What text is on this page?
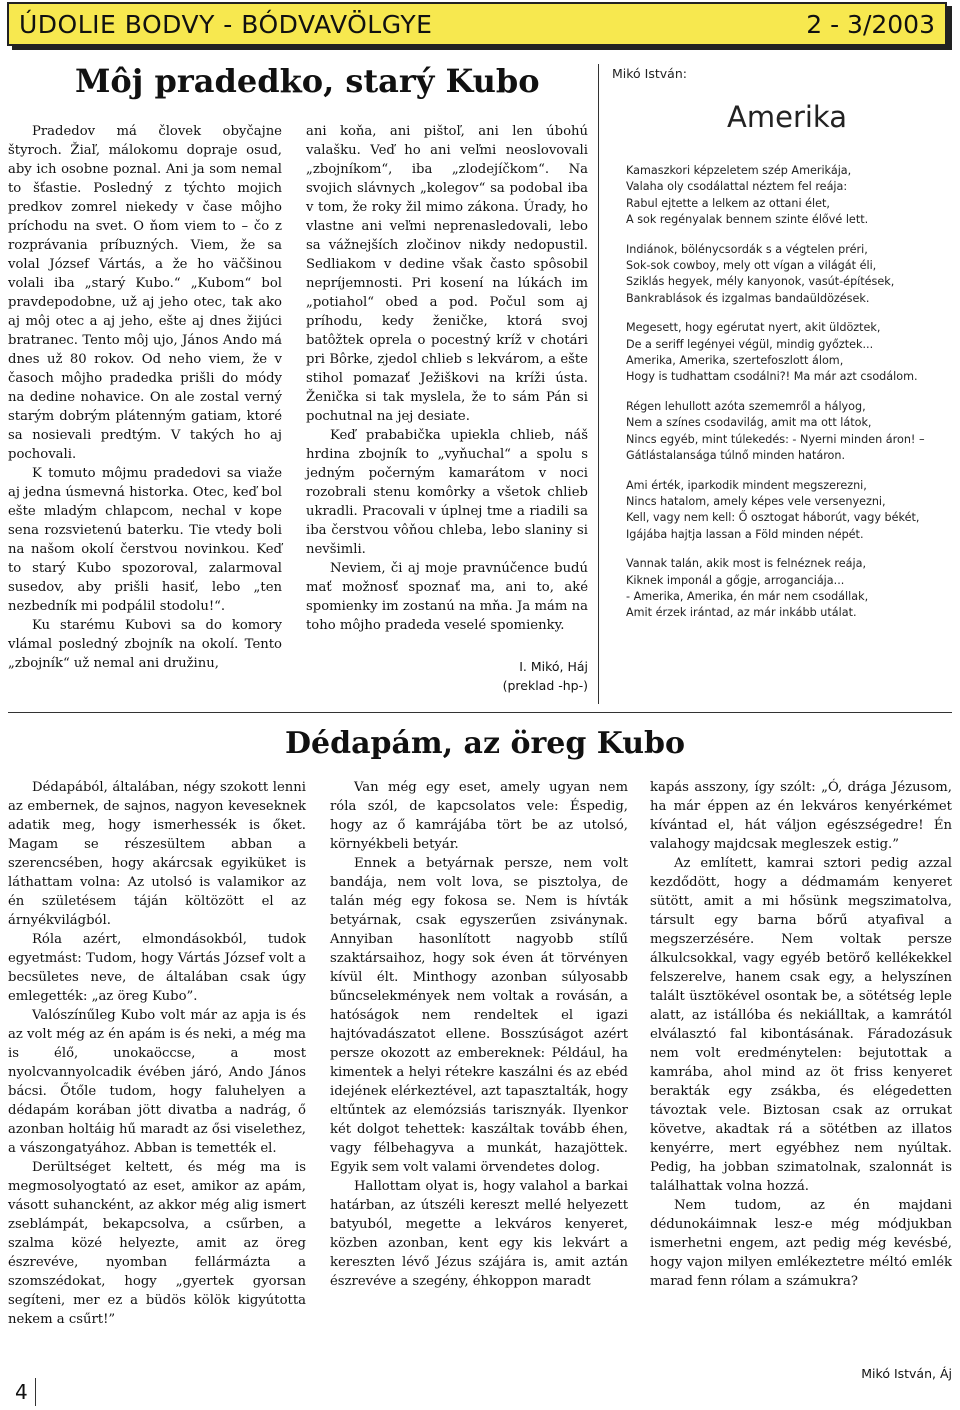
ÚDOLIE BODVY - BÓDVAVÖLGYE	2 - 3/2003
Môj pradedko, starý Kubo

Pradedov má človek obyčajne štyroch. Žiaľ, málokomu dopraje osud, aby ich osobne poznal. Ani ja som nemal to šťastie. Posledný z týchto mojich predkov zomrel niekedy v čase môjho príchodu na svet. O ňom viem to – čo z rozprávania príbuzných. Viem, že sa volal József Vártás, a že ho väčšinou volali iba „starý Kubo.“ „Kubom“ bol pravdepodobne, už aj jeho otec, tak ako aj môj otec a aj jeho, ešte aj dnes žijúci bratranec. Tento môj ujo, János Ando má dnes už 80 rokov. Od neho viem, že v časoch môjho pradedka prišli do módy na dedine nohavice. On ale zostal verný starým dobrým plátenným gatiam, ktoré sa nosievali predtým. V takých ho aj pochovali.

K tomuto môjmu pradedovi sa viaže aj jedna úsmevná historka. Otec, keď bol ešte mladým chlapcom, nechal v kope sena rozsvietenú baterku. Tie vtedy boli na našom okolí čerstvou novinkou. Keď to starý Kubo spozoroval, zalarmoval susedov, aby prišli hasiť, lebo „ten nezbedník mi podpálil stodolu!“.

Ku starému Kubovi sa do komory vlámal posledný zbojník na okolí. Tento „zbojník“ už nemal ani družinu,

ani koňa, ani pištoľ, ani len úbohú valašku. Veď ho ani veľmi neoslovovali „zbojníkom“, iba „zlodejíčkom“. Na svojich slávnych „kolegov“ sa podobal iba v tom, že roky žil mimo zákona. Úrady, ho vlastne ani veľmi neprenasledovali, lebo sa vážnejších zločinov nikdy nedopustil. Sedliakom v dedine však často spôsobil nepríjemnosti. Pri kosení na lúkách im „potiahol“ obed a pod. Počul som aj príhodu, kedy ženičke, ktorá svoj batôžtek oprela o pocestný kríž v chotári pri Bôrke, zjedol chlieb s lekvárom, a ešte stihol pomazať Ježiškovi na kríži ústa. Ženička si tak myslela, že to sám Pán si pochutnal na jej desiate.

Keď prababička upiekla chlieb, náš hrdina zbojník to „vyňuchal“ a spolu s jedným počerným kamarátom v noci rozobrali stenu komôrky a všetok chlieb ukradli. Pracovali v úplnej tme a riadili sa iba čerstvou vôňou chleba, lebo slaniny si nevšimli.

Neviem, či aj moje pravnúčence budú mať možnosť spoznať ma, ani to, aké spomienky im zostanú na mňa. Ja mám na toho môjho pradeda veselé spomienky.

I. Mikó, Háj
(preklad -hp-)
Mikó István:
Amerika
Kamaszkori képzeletem szép Amerikája,
Valaha oly csodálattal néztem fel reája:
Rabul ejtette a lelkem az ottani élet,
A sok regényalak bennem szinte élővé lett.
Indiánok, bölénycsordák s a végtelen préri,
Sok-sok cowboy, mely ott vígan a világát éli,
Sziklás hegyek, mély kanyonok, vasút-építések,
Bankrablások és izgalmas bandaüldözések.
Megesett, hogy egérutat nyert, akit üldöztek,
De a seriff legényei végül, mindig győztek...
Amerika, Amerika, szertefoszlott álom,
Hogy is tudhattam csodálni?! Ma már azt csodálom.
Régen lehullott azóta szememről a hályog,
Nem a színes csodavilág, amit ma ott látok,
Nincs egyéb, mint túlekedés: - Nyerni minden áron! –
Gátlástalansága túlnő minden határon.
Ami érték, iparkodik mindent megszerezni,
Nincs hatalom, amely képes vele versenyezni,
Kell, vagy nem kell: Ő osztogat háborút, vagy békét,
Igájába hajtja lassan a Föld minden népét.
Vannak talán, akik most is felnéznek reája,
Kiknek imponál a gőgje, arroganciája...
- Amerika, Amerika, én már nem csodállak,
Amit érzek irántad, az már inkább utálat.
Dédapám, az öreg Kubo

Dédapából, általában, négy szokott lenni az embernek, de sajnos, nagyon keveseknek adatik meg, hogy ismerhessék is őket. Magam se részesültem abban a szerencsében, hogy akárcsak egyiküket is láthattam volna: Az utolsó is valamikor az én születésem táján költözött el az árnyékvilágból.

Róla azért, elmondásokból, tudok egyetmást: Tudom, hogy Vártás József volt a becsületes neve, de általában csak úgy emlegették: „az öreg Kubo”.

Valószínűleg Kubo volt már az apja is és az volt még az én apám is és neki, a még ma is élő, unokaöccse, a most nyolcvannyolcadik évében járó, Ando János bácsi. Őtőle tudom, hogy faluhelyen a dédapám korában jött divatba a nadrág, ő azonban holtáig hű maradt az ősi viselethez, a vászongatyához. Abban is temették el.

Derültséget keltett, és még ma is megmosolyogtató az eset, amikor az apám, vásott suhancként, az akkor még alig ismert zseblámpát, bekapcsolva, a csűrben, a szalma közé helyezte, amit az öreg észrevéve, nyomban fellármázta a szomszédokat, hogy „gyertek gyorsan segíteni, mer ez a büdös kölök kigyútotta nekem a csűrt!”

Van még egy eset, amely ugyan nem róla szól, de kapcsolatos vele: Éspedig, hogy az ő kamrájába tört be az utolsó, környékbeli betyár.

Ennek a betyárnak persze, nem volt bandája, nem volt lova, se pisztolya, de talán még egy fokosa se. Nem is hívták betyárnak, csak egyszerűen zsiványnak. Annyiban hasonlított nagyobb stílű szaktársaihoz, hogy sok éven át törvényen kívül élt. Minthogy azonban súlyosabb bűncselekmények nem voltak a rovásán, a hatóságok nem rendeltek el igazi hajtóvadászatot ellene. Bosszúságot azért persze okozott az embereknek: Például, ha kimentek a helyi rétekre kaszálni és az ebéd idejének elérkeztével, azt tapasztalták, hogy eltűntek az elemózsiás tarisznyák. Ilyenkor két dolgot tehettek: kaszáltak tovább éhen, vagy félbehagyva a munkát, hazajöttek. Egyik sem volt valami örvendetes dolog.

Hallottam olyat is, hogy valahol a barkai határban, az útszéli kereszt mellé helyezett batyuból, megette a lekváros kenyeret, közben azonban, kent egy kis lekvárt a kereszten lévő Jézus szájára is, amit aztán észrevéve a szegény, éhkoppon maradt

kapás asszony, így szólt: „Ó, drága Jézusom, ha már éppen az én lekváros kenyérkémet kívántad el, hát váljon egészségedre! Én valahogy majdcsak megleszek estig.”

Az említett, kamrai sztori pedig azzal kezdődött, hogy a dédmamám kenyeret sütött, amit a mi hősünk megszimatolva, társult egy barna bőrű atyafival a megszerzésére. Nem voltak persze álkulcsokkal, vagy egyéb betörő kellékekkel felszerelve, hanem csak egy, a helyszínen talált üsztökével osontak be, a sötétség leple alatt, az istállóba és nekiálltak, a kamrától elválasztó fal kibontásának. Fáradozásuk nem volt eredménytelen: bejutottak a kamrába, ahol mind az öt friss kenyeret berakták egy zsákba, és elégedetten távoztak vele. Biztosan csak az orrukat követve, akadtak rá a sötétben az illatos kenyérre, mert egyébhez nem nyúltak. Pedig, ha jobban szimatolnak, szalonnát is találhattak volna hozzá.

Nem tudom, az én majdani dédunokáimnak lesz-e még módjukban ismerhetni engem, azt pedig még kevésbé, hogy vajon milyen emlékeztetre méltó emlék marad fenn rólam a számukra?

Mikó István, Áj
4
